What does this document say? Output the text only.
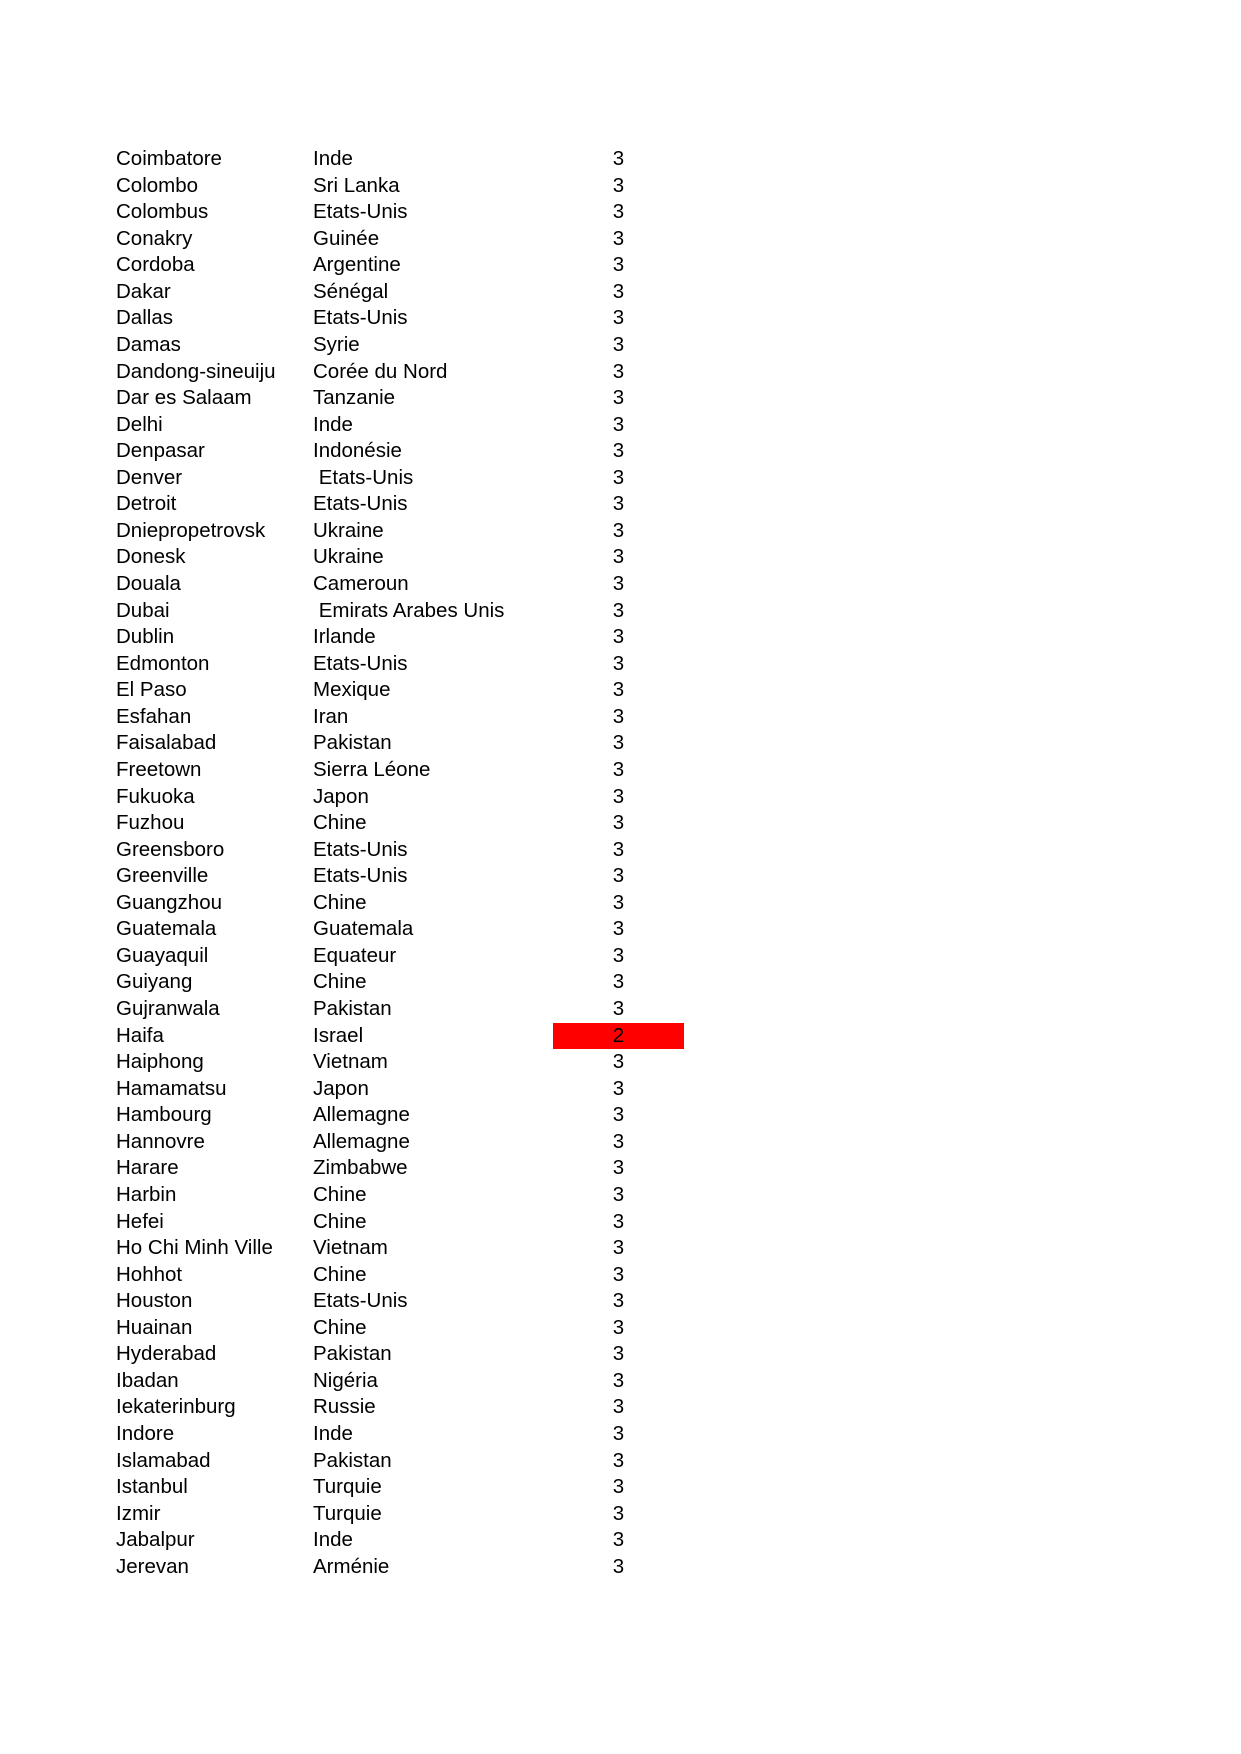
Coimbatore	Inde	3
Colombo	Sri Lanka	3
Colombus	Etats-Unis	3
Conakry	Guinée	3
Cordoba	Argentine	3
Dakar	Sénégal	3
Dallas	Etats-Unis	3
Damas	Syrie	3
Dandong-sineuiju	Corée du Nord	3
Dar es Salaam	Tanzanie	3
Delhi	Inde	3
Denpasar	Indonésie	3
Denver	Etats-Unis	3
Detroit	Etats-Unis	3
Dniepropetrovsk	Ukraine	3
Donesk	Ukraine	3
Douala	Cameroun	3
Dubai	Emirats Arabes Unis	3
Dublin	Irlande	3
Edmonton	Etats-Unis	3
El Paso	Mexique	3
Esfahan	Iran	3
Faisalabad	Pakistan	3
Freetown	Sierra Léone	3
Fukuoka	Japon	3
Fuzhou	Chine	3
Greensboro	Etats-Unis	3
Greenville	Etats-Unis	3
Guangzhou	Chine	3
Guatemala	Guatemala	3
Guayaquil	Equateur	3
Guiyang	Chine	3
Gujranwala	Pakistan	3
Haifa	Israel	2
Haiphong	Vietnam	3
Hamamatsu	Japon	3
Hambourg	Allemagne	3
Hannovre	Allemagne	3
Harare	Zimbabwe	3
Harbin	Chine	3
Hefei	Chine	3
Ho Chi Minh Ville	Vietnam	3
Hohhot	Chine	3
Houston	Etats-Unis	3
Huainan	Chine	3
Hyderabad	Pakistan	3
Ibadan	Nigéria	3
Iekaterinburg	Russie	3
Indore	Inde	3
Islamabad	Pakistan	3
Istanbul	Turquie	3
Izmir	Turquie	3
Jabalpur	Inde	3
Jerevan	Arménie	3
